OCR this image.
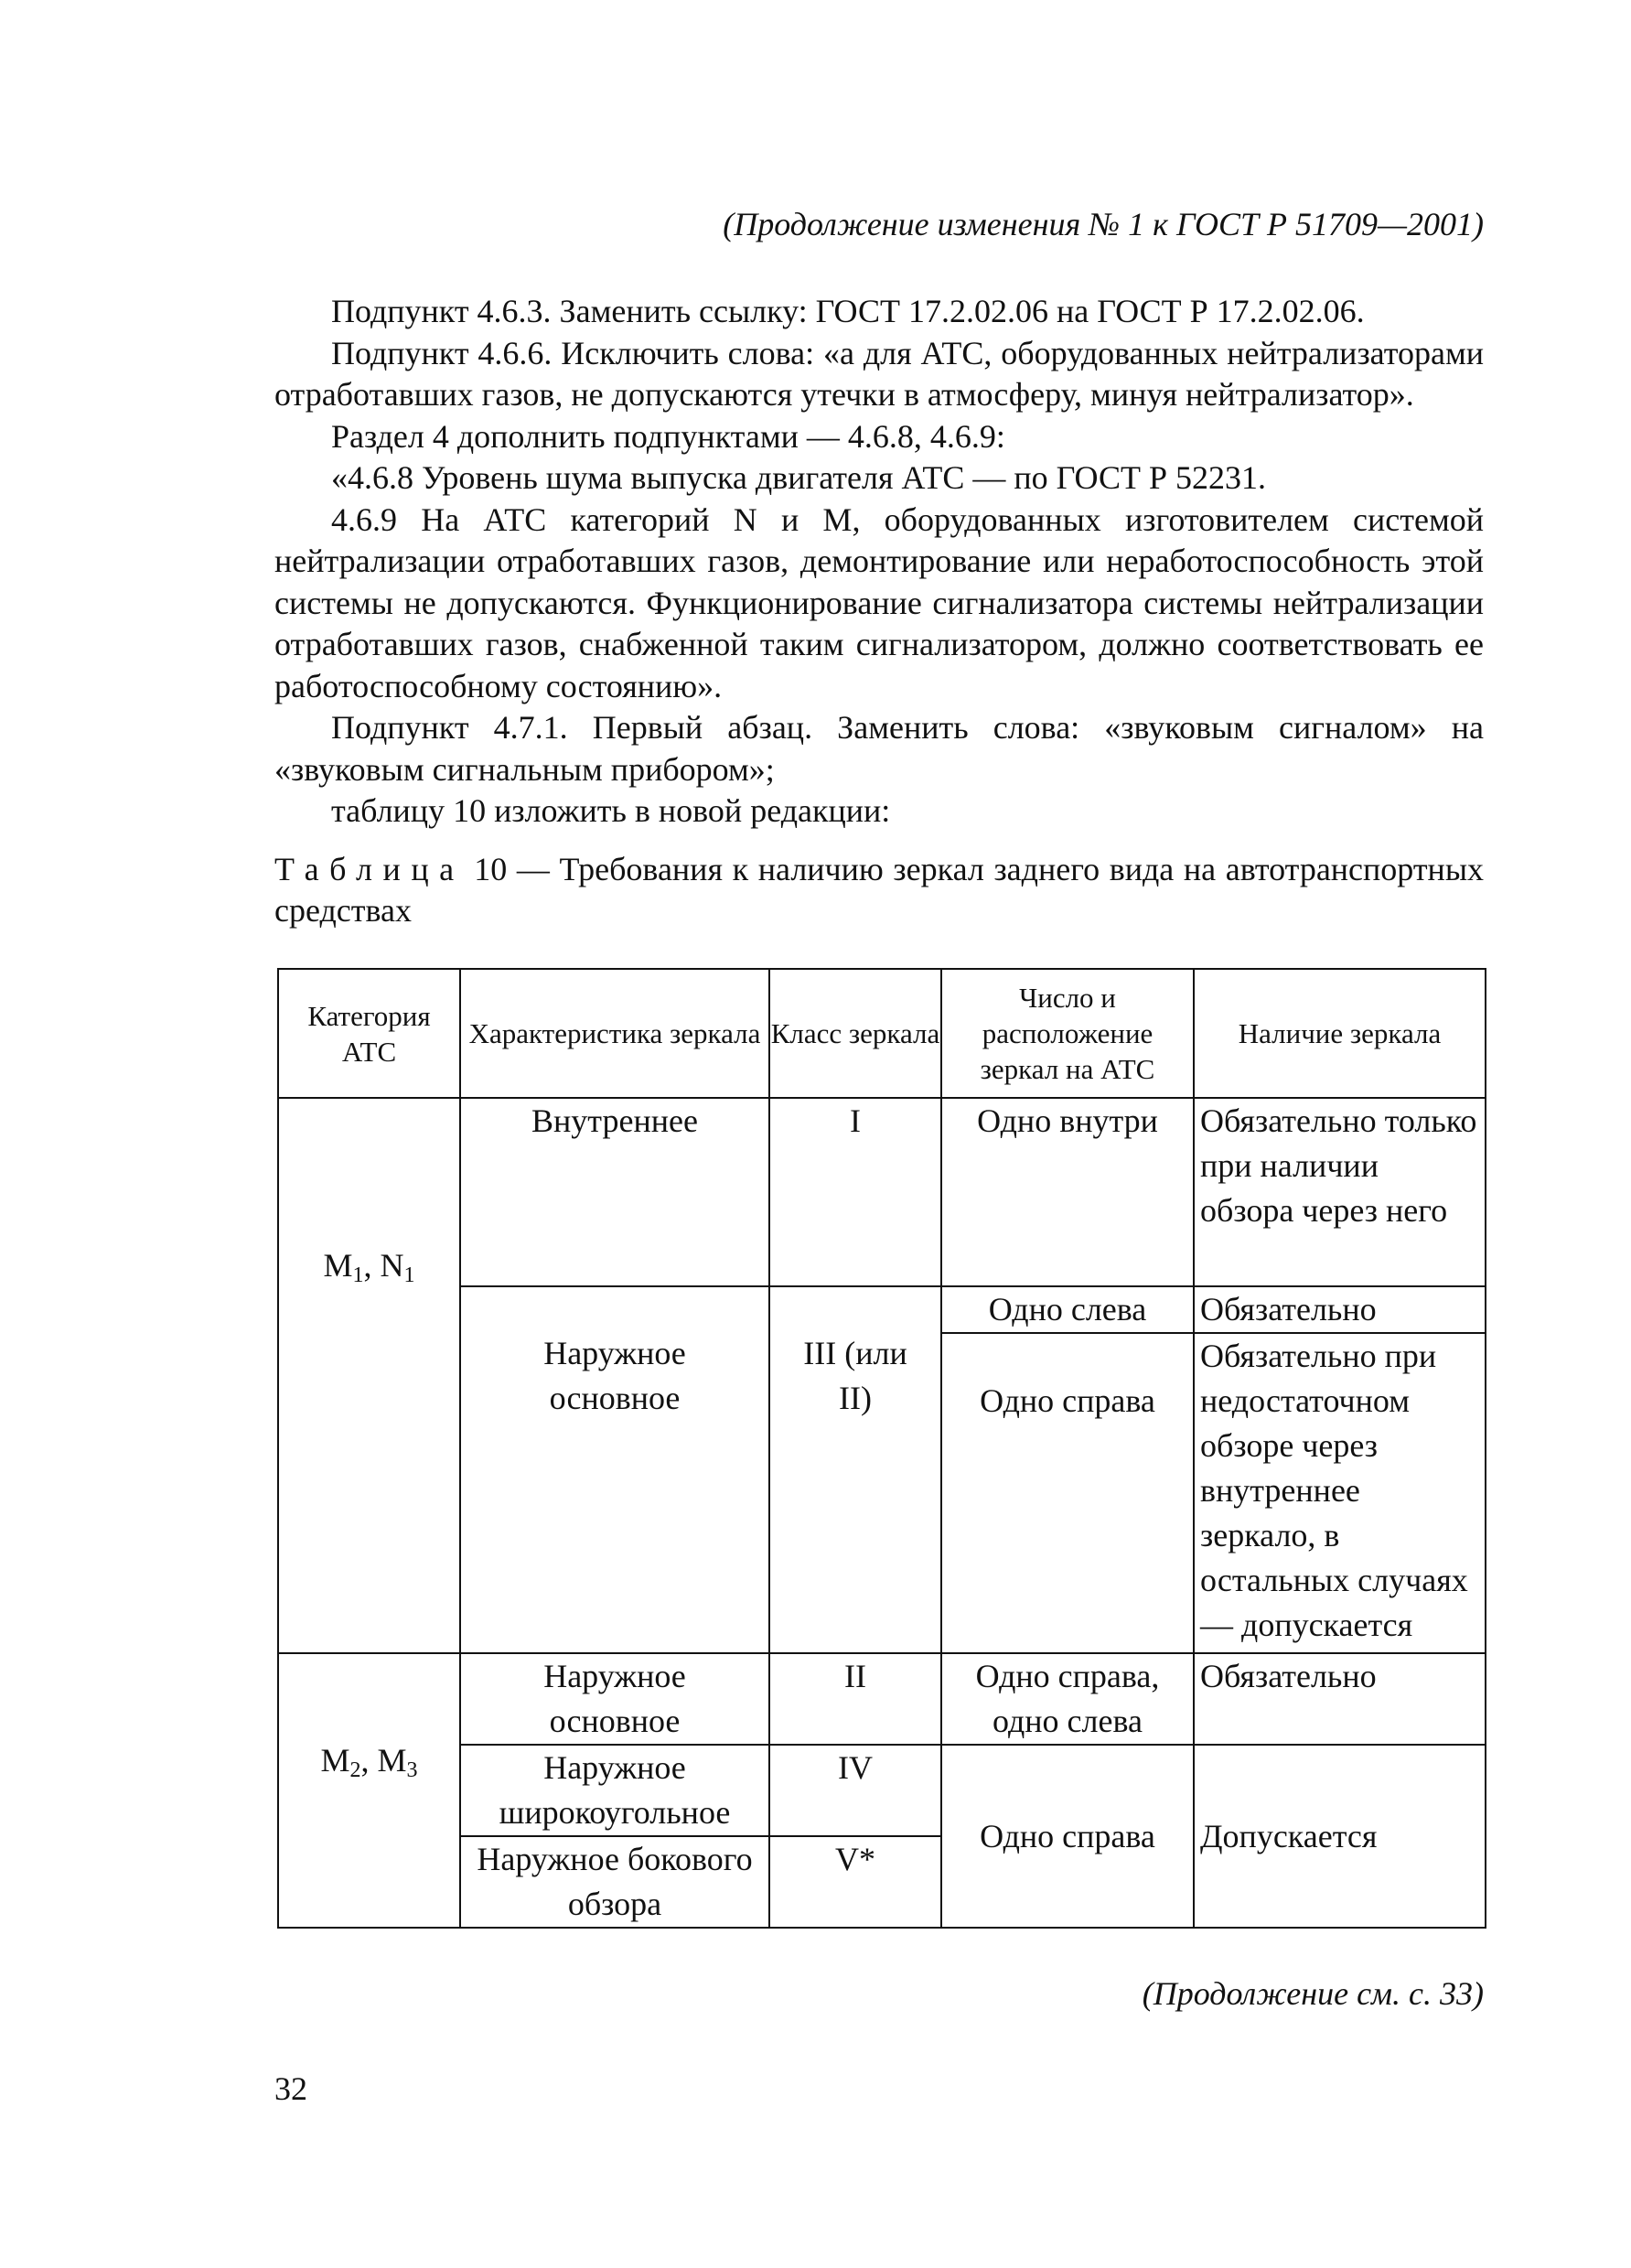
(Продолжение изменения № 1 к ГОСТ Р 51709—2001)

Подпункт 4.6.3. Заменить ссылку: ГОСТ 17.2.02.06 на ГОСТ Р 17.2.02.06.

Подпункт 4.6.6. Исключить слова: «а для АТС, оборудованных нейтрализаторами отработавших газов, не допускаются утечки в атмосферу, минуя нейтрализатор».

Раздел 4 дополнить подпунктами — 4.6.8, 4.6.9:

«4.6.8 Уровень шума выпуска двигателя АТС — по ГОСТ Р 52231.

4.6.9 На АТС категорий N и М, оборудованных изготовителем системой нейтрализации отработавших газов, демонтирование или неработоспособность этой системы не допускаются. Функционирование сигнализатора системы нейтрализации отработавших газов, снабженной таким сигнализатором, должно соответствовать ее работоспособному состоянию».

Подпункт 4.7.1. Первый абзац. Заменить слова: «звуковым сигналом» на «звуковым сигнальным прибором»;

таблицу 10 изложить в новой редакции:

Таблица 10 — Требования к наличию зеркал заднего вида на автотранспортных средствах

Категория АТС	Характеристика зеркала	Класс зеркала	Число и расположение зеркал на АТС	Наличие зеркала

$M_1$, $N_1$	Внутреннее	I	Одно внутри	Обязательно только при наличии обзора через него
	Наружное основное	III (или II)	Одно слева	Обязательно
			Одно справа	Обязательно при недостаточном обзоре через внутреннее зеркало, в остальных случаях — допускается

$M_2$, $M_3$	Наружное основное	II	Одно справа, одно слева	Обязательно
	Наружное широкоугольное	IV	Одно справа	Допускается
	Наружное бокового обзора	V*		
(Продолжение см. с. 33)
32
